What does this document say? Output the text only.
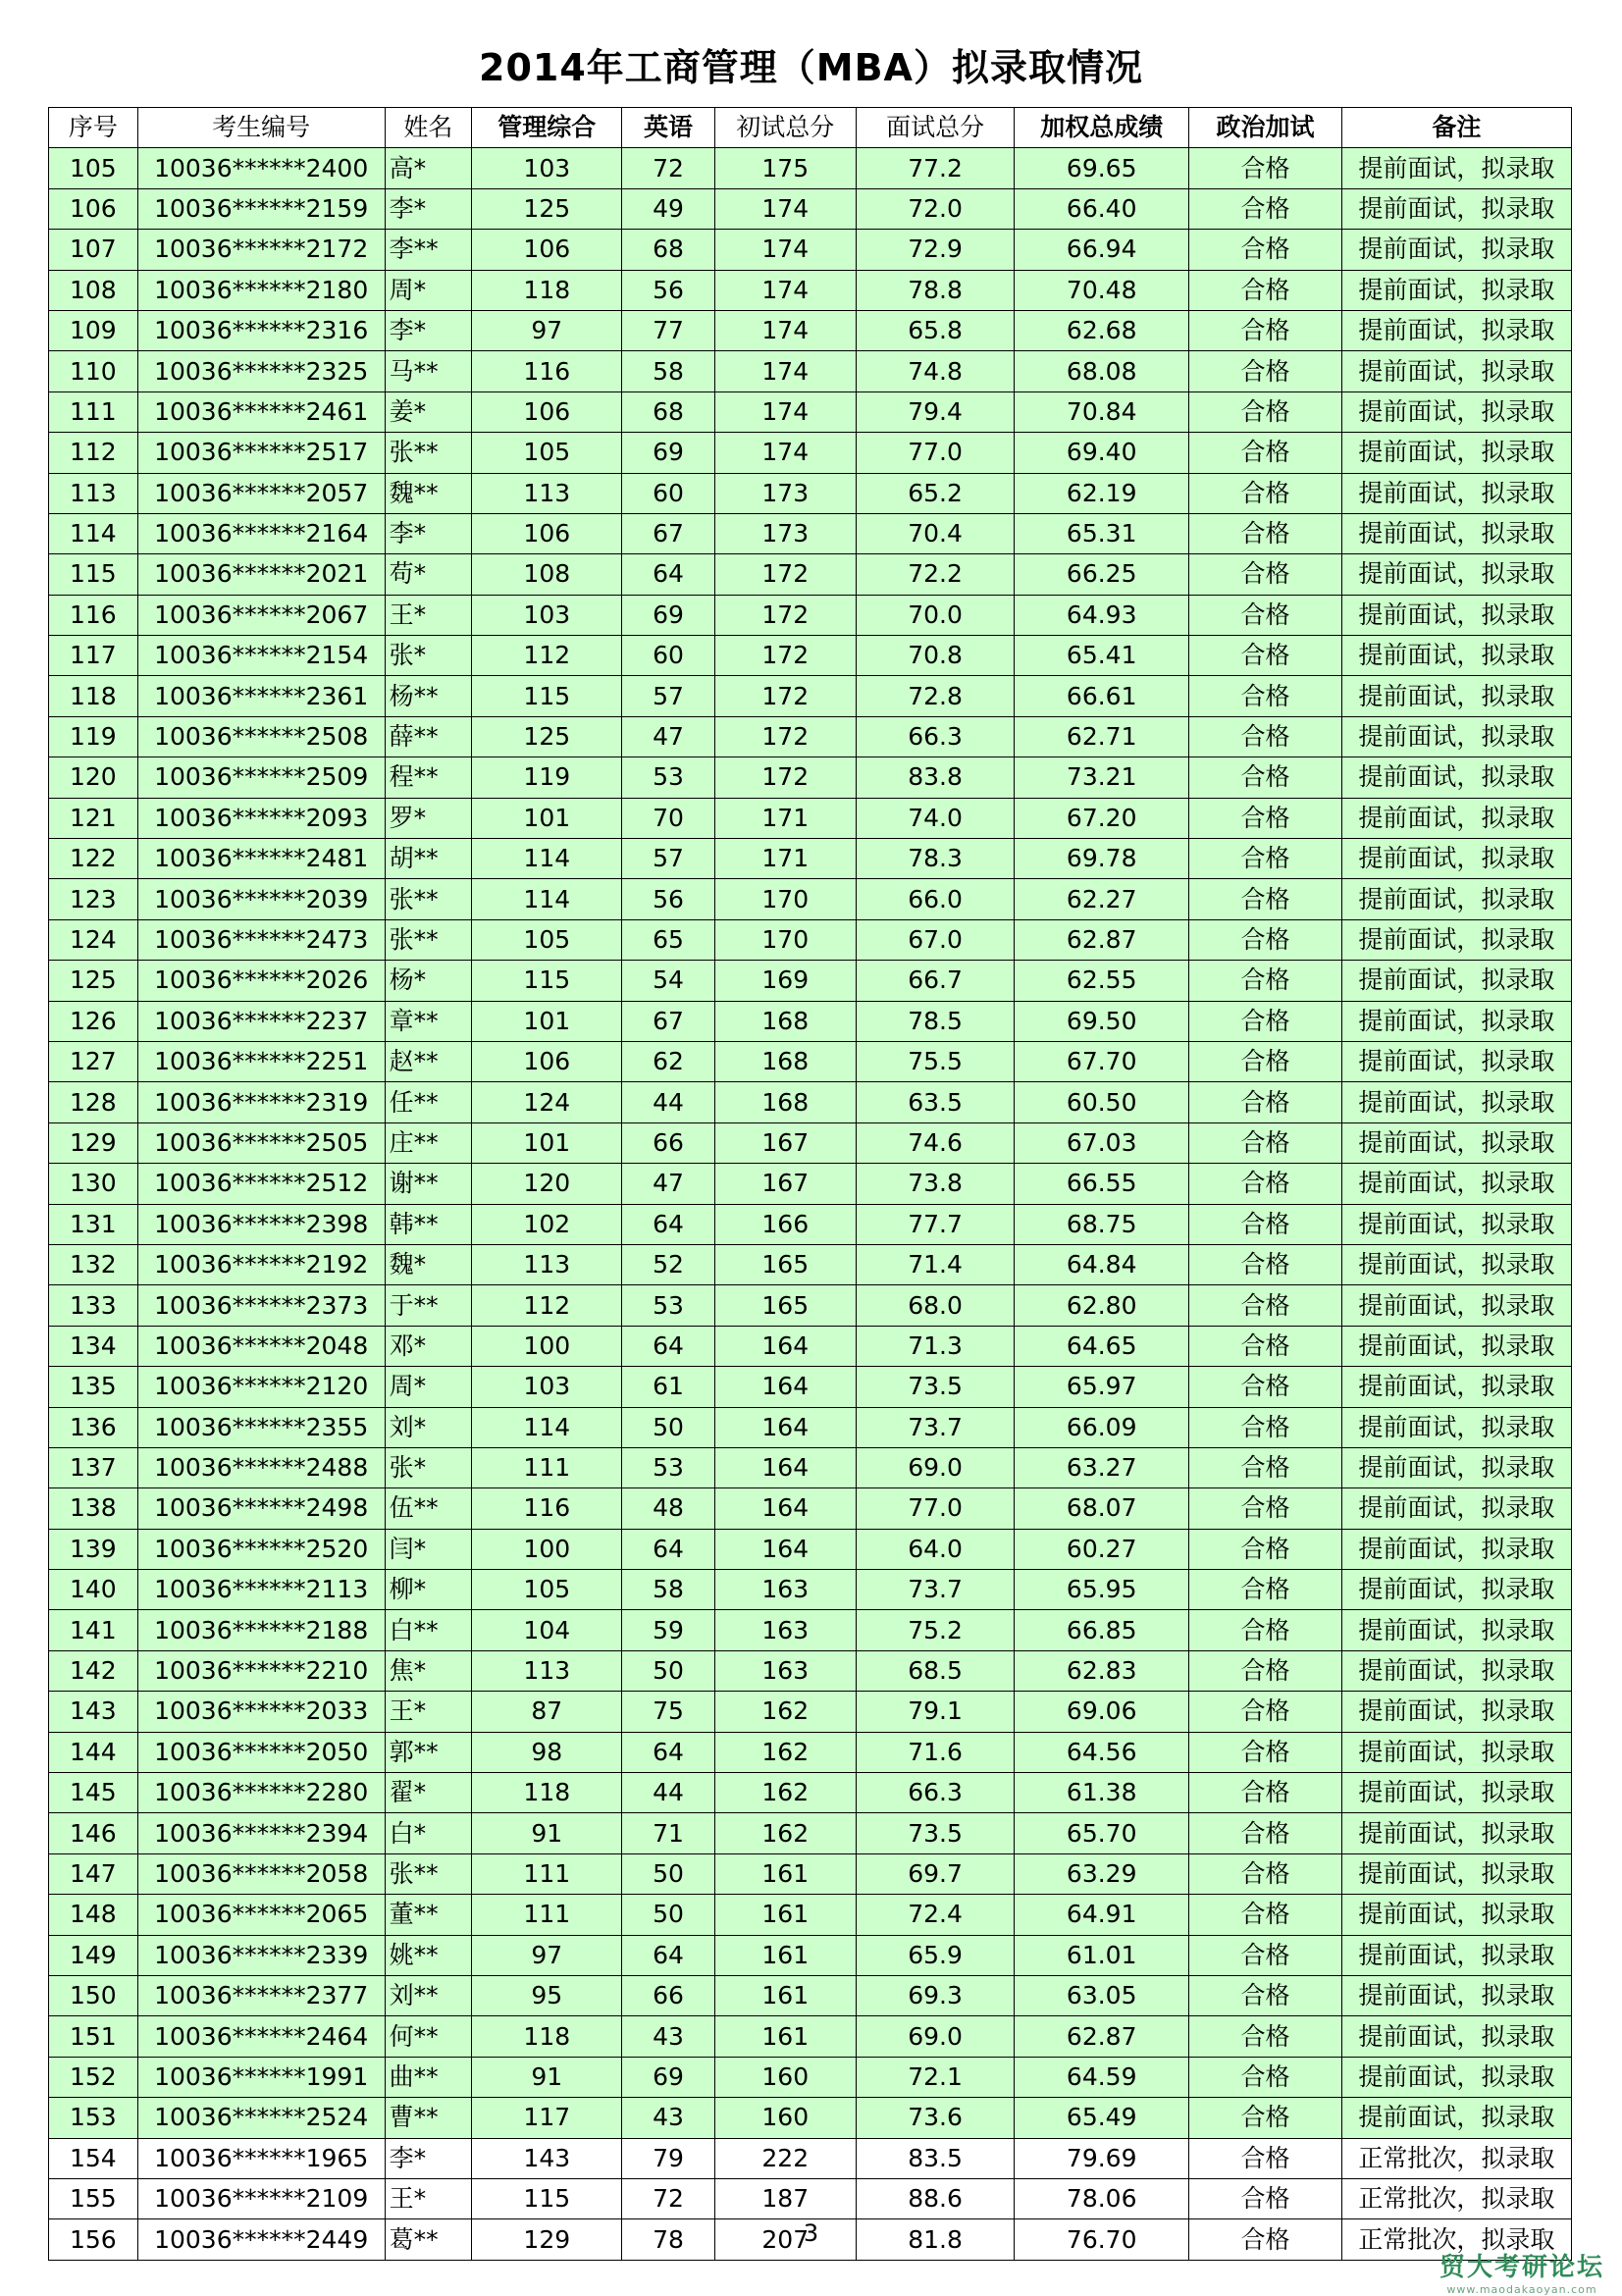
2014年工商管理（MBA）拟录取情况
序号	考生编号	姓名	管理综合	英语	初试总分	面试总分	加权总成绩	政治加试	备注
105	10036******2400	高*	103	72	175	77.2	69.65	合格	提前面试，拟录取
106	10036******2159	李*	125	49	174	72.0	66.40	合格	提前面试，拟录取
107	10036******2172	李**	106	68	174	72.9	66.94	合格	提前面试，拟录取
108	10036******2180	周*	118	56	174	78.8	70.48	合格	提前面试，拟录取
109	10036******2316	李*	97	77	174	65.8	62.68	合格	提前面试，拟录取
110	10036******2325	马**	116	58	174	74.8	68.08	合格	提前面试，拟录取
111	10036******2461	姜*	106	68	174	79.4	70.84	合格	提前面试，拟录取
112	10036******2517	张**	105	69	174	77.0	69.40	合格	提前面试，拟录取
113	10036******2057	魏**	113	60	173	65.2	62.19	合格	提前面试，拟录取
114	10036******2164	李*	106	67	173	70.4	65.31	合格	提前面试，拟录取
115	10036******2021	苟*	108	64	172	72.2	66.25	合格	提前面试，拟录取
116	10036******2067	王*	103	69	172	70.0	64.93	合格	提前面试，拟录取
117	10036******2154	张*	112	60	172	70.8	65.41	合格	提前面试，拟录取
118	10036******2361	杨**	115	57	172	72.8	66.61	合格	提前面试，拟录取
119	10036******2508	薛**	125	47	172	66.3	62.71	合格	提前面试，拟录取
120	10036******2509	程**	119	53	172	83.8	73.21	合格	提前面试，拟录取
121	10036******2093	罗*	101	70	171	74.0	67.20	合格	提前面试，拟录取
122	10036******2481	胡**	114	57	171	78.3	69.78	合格	提前面试，拟录取
123	10036******2039	张**	114	56	170	66.0	62.27	合格	提前面试，拟录取
124	10036******2473	张**	105	65	170	67.0	62.87	合格	提前面试，拟录取
125	10036******2026	杨*	115	54	169	66.7	62.55	合格	提前面试，拟录取
126	10036******2237	章**	101	67	168	78.5	69.50	合格	提前面试，拟录取
127	10036******2251	赵**	106	62	168	75.5	67.70	合格	提前面试，拟录取
128	10036******2319	任**	124	44	168	63.5	60.50	合格	提前面试，拟录取
129	10036******2505	庄**	101	66	167	74.6	67.03	合格	提前面试，拟录取
130	10036******2512	谢**	120	47	167	73.8	66.55	合格	提前面试，拟录取
131	10036******2398	韩**	102	64	166	77.7	68.75	合格	提前面试，拟录取
132	10036******2192	魏*	113	52	165	71.4	64.84	合格	提前面试，拟录取
133	10036******2373	于**	112	53	165	68.0	62.80	合格	提前面试，拟录取
134	10036******2048	邓*	100	64	164	71.3	64.65	合格	提前面试，拟录取
135	10036******2120	周*	103	61	164	73.5	65.97	合格	提前面试，拟录取
136	10036******2355	刘*	114	50	164	73.7	66.09	合格	提前面试，拟录取
137	10036******2488	张*	111	53	164	69.0	63.27	合格	提前面试，拟录取
138	10036******2498	伍**	116	48	164	77.0	68.07	合格	提前面试，拟录取
139	10036******2520	闫*	100	64	164	64.0	60.27	合格	提前面试，拟录取
140	10036******2113	柳*	105	58	163	73.7	65.95	合格	提前面试，拟录取
141	10036******2188	白**	104	59	163	75.2	66.85	合格	提前面试，拟录取
142	10036******2210	焦*	113	50	163	68.5	62.83	合格	提前面试，拟录取
143	10036******2033	王*	87	75	162	79.1	69.06	合格	提前面试，拟录取
144	10036******2050	郭**	98	64	162	71.6	64.56	合格	提前面试，拟录取
145	10036******2280	翟*	118	44	162	66.3	61.38	合格	提前面试，拟录取
146	10036******2394	白*	91	71	162	73.5	65.70	合格	提前面试，拟录取
147	10036******2058	张**	111	50	161	69.7	63.29	合格	提前面试，拟录取
148	10036******2065	董**	111	50	161	72.4	64.91	合格	提前面试，拟录取
149	10036******2339	姚**	97	64	161	65.9	61.01	合格	提前面试，拟录取
150	10036******2377	刘**	95	66	161	69.3	63.05	合格	提前面试，拟录取
151	10036******2464	何**	118	43	161	69.0	62.87	合格	提前面试，拟录取
152	10036******1991	曲**	91	69	160	72.1	64.59	合格	提前面试，拟录取
153	10036******2524	曹**	117	43	160	73.6	65.49	合格	提前面试，拟录取
154	10036******1965	李*	143	79	222	83.5	79.69	合格	正常批次，拟录取
155	10036******2109	王*	115	72	187	88.6	78.06	合格	正常批次，拟录取
156	10036******2449	葛**	129	78	207	81.8	76.70	合格	正常批次，拟录取
3
贸大考研论坛
www.maodakaoyan.com
